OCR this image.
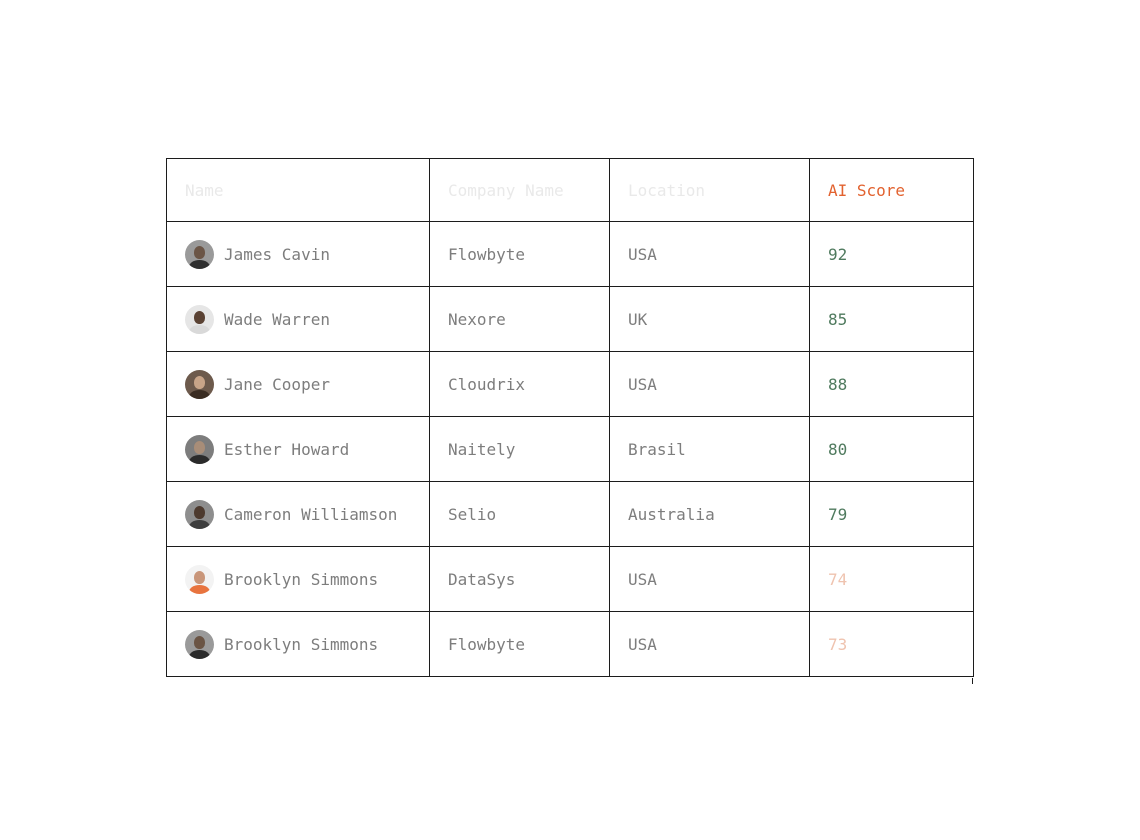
Name	Company Name	Location	AI Score

James Cavin	Flowbyte	USA	92

Wade Warren	Nexore	UK	85

Jane Cooper	Cloudrix	USA	88

Esther Howard	Naitely	Brasil	80

Cameron Williamson	Selio	Australia	79

Brooklyn Simmons	DataSys	USA	74

Brooklyn Simmons	Flowbyte	USA	73
